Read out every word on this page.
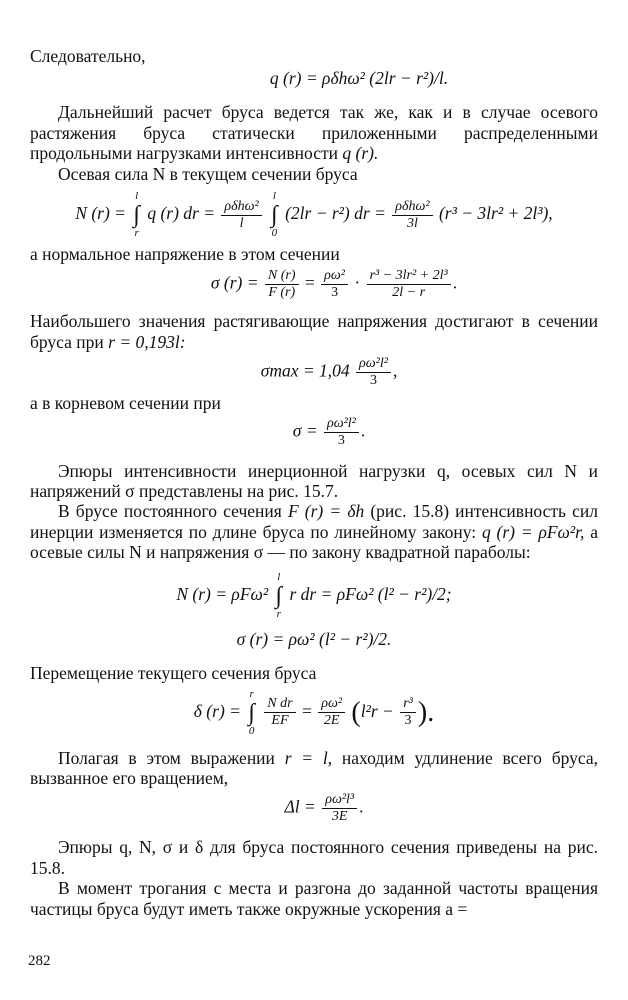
Следовательно,

q (r) = ρδhω² (2lr − r²)/l.

Дальнейший расчет бруса ведется так же, как и в случае осевого растяжения бруса статически приложенными распределенными продольными нагрузками интенсивности q (r).

Осевая сила N в текущем сечении бруса

N (r) =
l
∫
r
q (r) dr = $\frac{\text{ρδhω²}}{l}$

l
∫
0
(2lr − r²) dr = $\frac{\text{ρδhω²}}{3l} (r^3 - 3lr^2 + 2l^3)$,

а нормальное напряжение в этом сечении

σ $(r) = \frac{N (r)}{F (r)} = \frac{\text{ρω²}}{3} \cdot \frac{\text{r³ − 3lr² + 2l³}}{2l - r}$ .

Наибольшего значения растягивающие напряжения достигают в сечении бруса при r = 0,193l:

$\sigma\max = 1,04 \frac{\text{ρω²l²}}{3}$ ,

а в корневом сечении при

$\sigma = \frac{\text{ρω²l²}}{3}$ .

Эпюры интенсивности инерционной нагрузки q, осевых сил N и напряжений σ представлены на рис. 15.7.

В брусе постоянного сечения F (r) = δh (рис. 15.8) интенсивность сил инерции изменяется по длине бруса по линейному закону: q (r) = ρFω²r, а осевые силы N и напряжения σ — по закону квадратной параболы:

N (r) = ρFω²
l
∫
r
r dr = ρFω² (l² − r²)/2;

σ (r) = ρω² (l² − r²)/2.

Перемещение текущего сечения бруса

δ (r) =
r
∫
0

$\frac{\text{N dr}}{EF} = \frac{\text{ρω²}}{2E} (l^2r - \frac{\text{r³}}{3}$ ).

Полагая в этом выражении r = l, находим удлинение всего бруса, вызванное его вращением,

$\Delta l = \frac{\text{ρω²l³}}{3E}$ .

Эпюры q, N, σ и δ для бруса постоянного сечения приведены на рис. 15.8.

В момент трогания с места и разгона до заданной частоты вращения частицы бруса будут иметь также окружные ускорения a =

282
